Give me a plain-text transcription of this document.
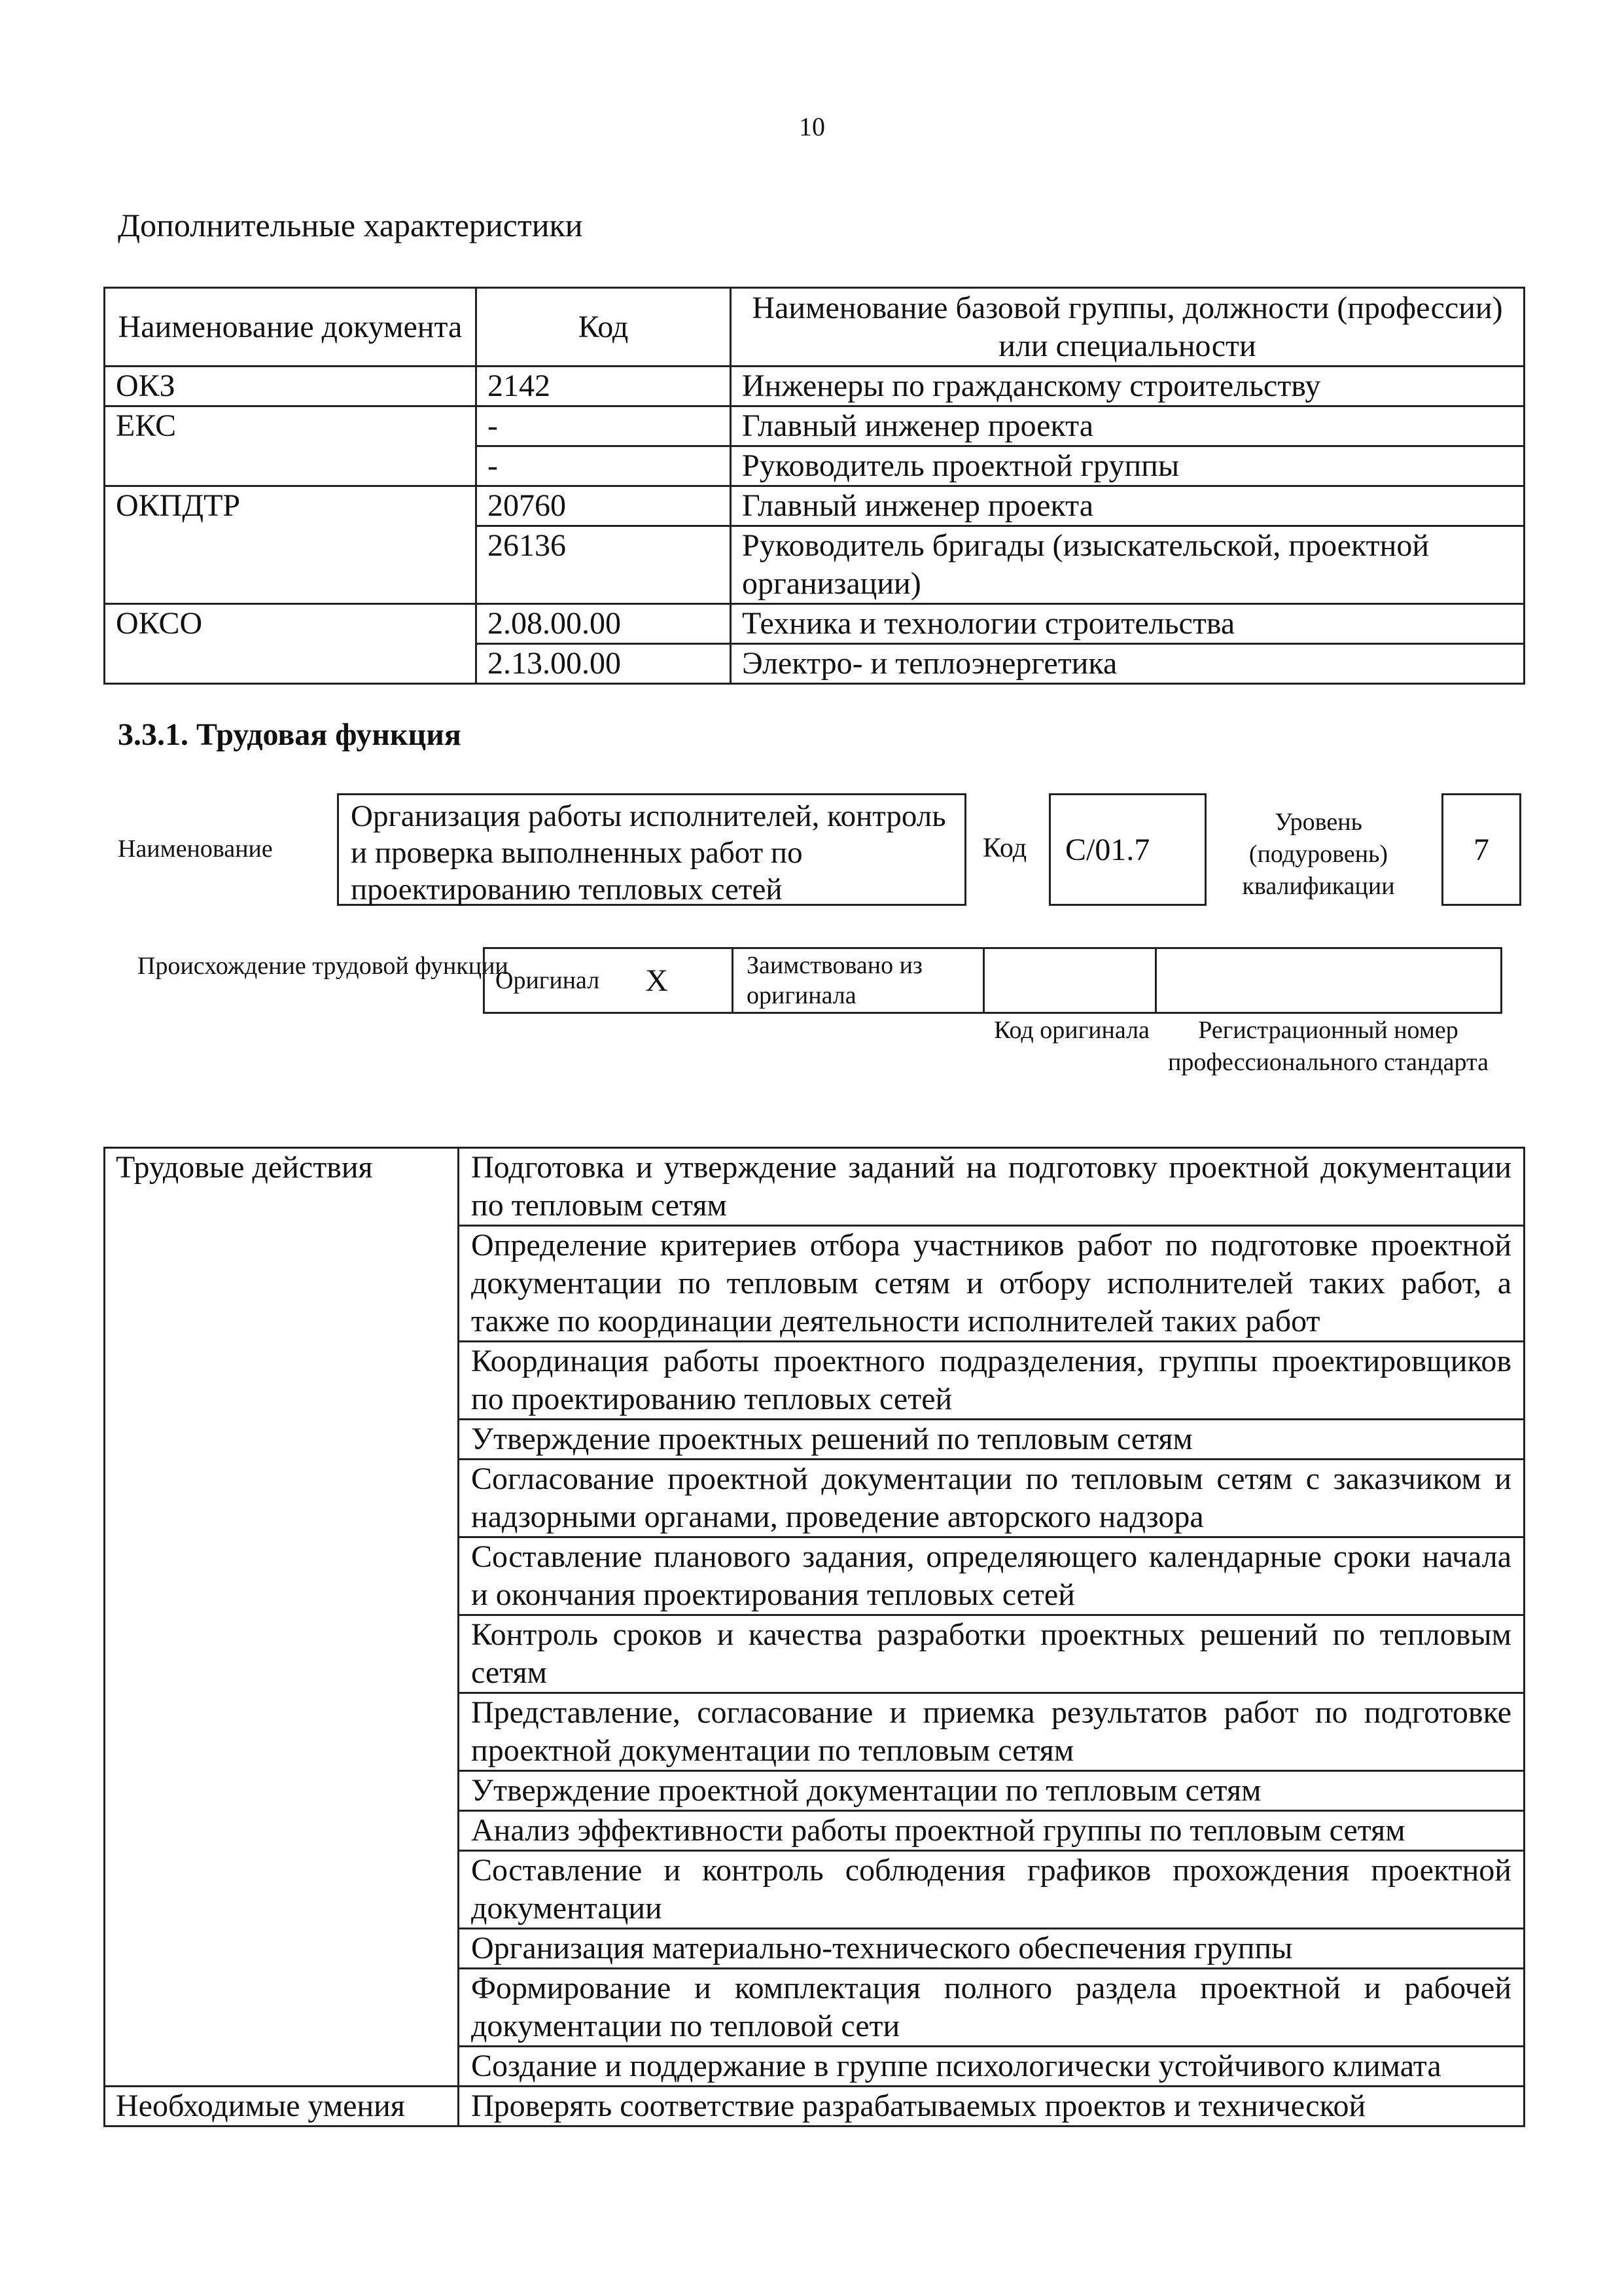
10
Дополнительные характеристики
Наименование документа	Код	Наименование базовой группы, должности (профессии) или специальности
ОКЗ	2142	Инженеры по гражданскому строительству
ЕКС	-	Главный инженер проекта
	-	Руководитель проектной группы
ОКПДТР	20760	Главный инженер проекта
	26136	Руководитель бригады (изыскательской, проектной организации)
ОКСО	2.08.00.00	Техника и технологии строительства
	2.13.00.00	Электро- и теплоэнергетика
3.3.1. Трудовая функция
Наименование
Организация работы исполнителей, контроль и проверка выполненных работ по проектированию тепловых сетей
Код	C/01.7
Уровень (подуровень) квалификации
7
Происхождение трудовой функции
Оригинал X	Заимствовано из оригинала		
Код оригинала	Регистрационный номер профессионального стандарта
Трудовые действия	Подготовка и утверждение заданий на подготовку проектной документации по тепловым сетям
	Определение критериев отбора участников работ по подготовке проектной документации по тепловым сетям и отбору исполнителей таких работ, а также по координации деятельности исполнителей таких работ
	Координация работы проектного подразделения, группы проектировщиков по проектированию тепловых сетей
	Утверждение проектных решений по тепловым сетям
	Согласование проектной документации по тепловым сетям с заказчиком и надзорными органами, проведение авторского надзора
	Составление планового задания, определяющего календарные сроки начала и окончания проектирования тепловых сетей
	Контроль сроков и качества разработки проектных решений по тепловым сетям
	Представление, согласование и приемка результатов работ по подготовке проектной документации по тепловым сетям
	Утверждение проектной документации по тепловым сетям
	Анализ эффективности работы проектной группы по тепловым сетям
	Составление и контроль соблюдения графиков прохождения проектной документации
	Организация материально-технического обеспечения группы
	Формирование и комплектация полного раздела проектной и рабочей документации по тепловой сети
	Создание и поддержание в группе психологически устойчивого климата
Необходимые умения	Проверять соответствие разрабатываемых проектов и технической
